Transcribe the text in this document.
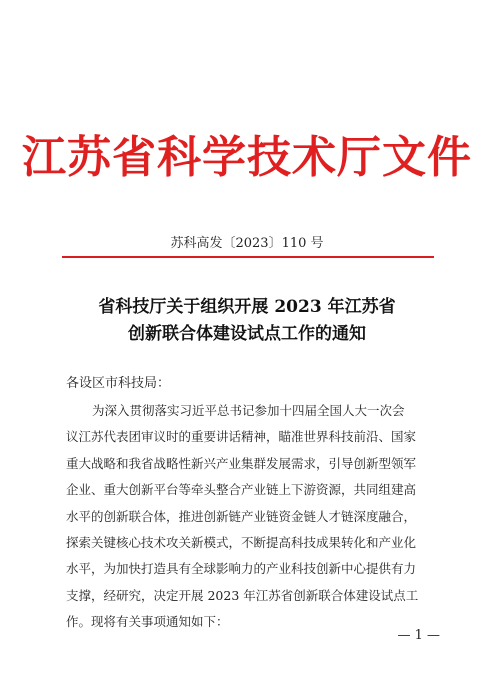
江苏省科学技术厅文件
苏科高发〔2023〕110 号
省科技厅关于组织开展 2023 年江苏省
创新联合体建设试点工作的通知
各设区市科技局：
为深入贯彻落实习近平总书记参加十四届全国人大一次会
议江苏代表团审议时的重要讲话精神，瞄准世界科技前沿、国家
重大战略和我省战略性新兴产业集群发展需求，引导创新型领军
企业、重大创新平台等牵头整合产业链上下游资源，共同组建高
水平的创新联合体，推进创新链产业链资金链人才链深度融合，
探索关键核心技术攻关新模式，不断提高科技成果转化和产业化
水平，为加快打造具有全球影响力的产业科技创新中心提供有力
支撑，经研究，决定开展 2023 年江苏省创新联合体建设试点工
作。现将有关事项通知如下：
— 1 —
